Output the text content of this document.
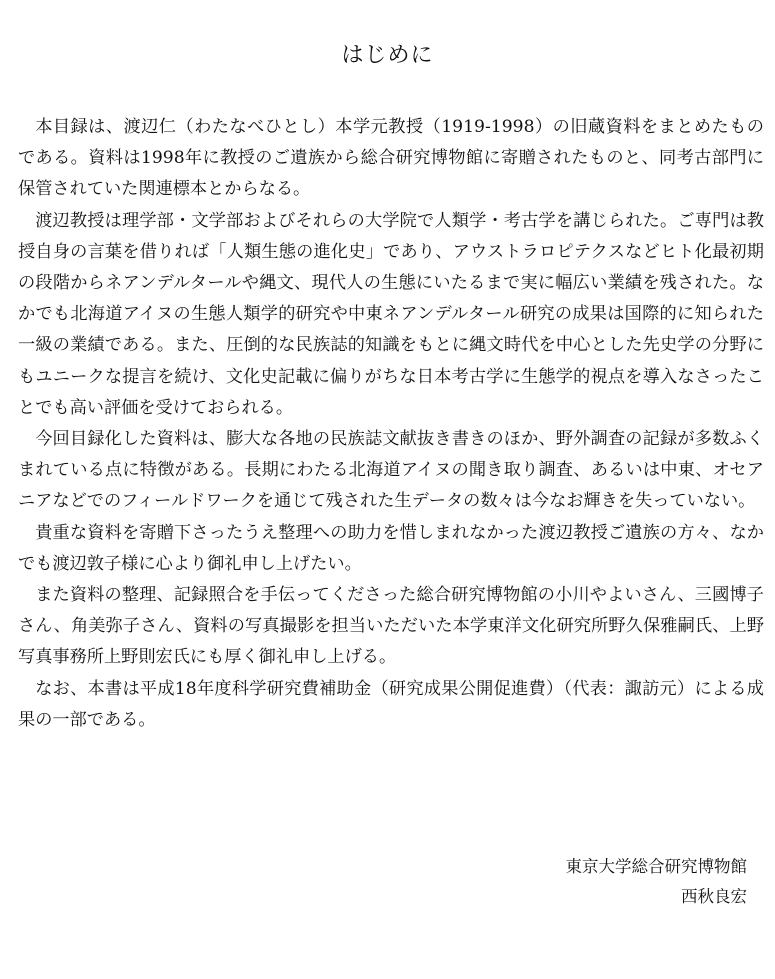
はじめに

本目録は、渡辺仁（わたなべひとし）本学元教授（1919-1998）の旧蔵資料をまとめたものである。資料は1998年に教授のご遺族から総合研究博物館に寄贈されたものと、同考古部門に保管されていた関連標本とからなる。

渡辺教授は理学部・文学部およびそれらの大学院で人類学・考古学を講じられた。ご専門は教授自身の言葉を借りれば「人類生態の進化史」であり、アウストラロピテクスなどヒト化最初期の段階からネアンデルタールや縄文、現代人の生態にいたるまで実に幅広い業績を残された。なかでも北海道アイヌの生態人類学的研究や中東ネアンデルタール研究の成果は国際的に知られた一級の業績である。また、圧倒的な民族誌的知識をもとに縄文時代を中心とした先史学の分野にもユニークな提言を続け、文化史記載に偏りがちな日本考古学に生態学的視点を導入なさったことでも高い評価を受けておられる。

今回目録化した資料は、膨大な各地の民族誌文献抜き書きのほか、野外調査の記録が多数ふくまれている点に特徴がある。長期にわたる北海道アイヌの聞き取り調査、あるいは中東、オセアニアなどでのフィールドワークを通じて残された生データの数々は今なお輝きを失っていない。

貴重な資料を寄贈下さったうえ整理への助力を惜しまれなかった渡辺教授ご遺族の方々、なかでも渡辺敦子様に心より御礼申し上げたい。

また資料の整理、記録照合を手伝ってくださった総合研究博物館の小川やよいさん、三國博子さん、角美弥子さん、資料の写真撮影を担当いただいた本学東洋文化研究所野久保雅嗣氏、上野写真事務所上野則宏氏にも厚く御礼申し上げる。

なお、本書は平成18年度科学研究費補助金（研究成果公開促進費）（代表：諏訪元）による成果の一部である。

東京大学総合研究博物館
西秋良宏
